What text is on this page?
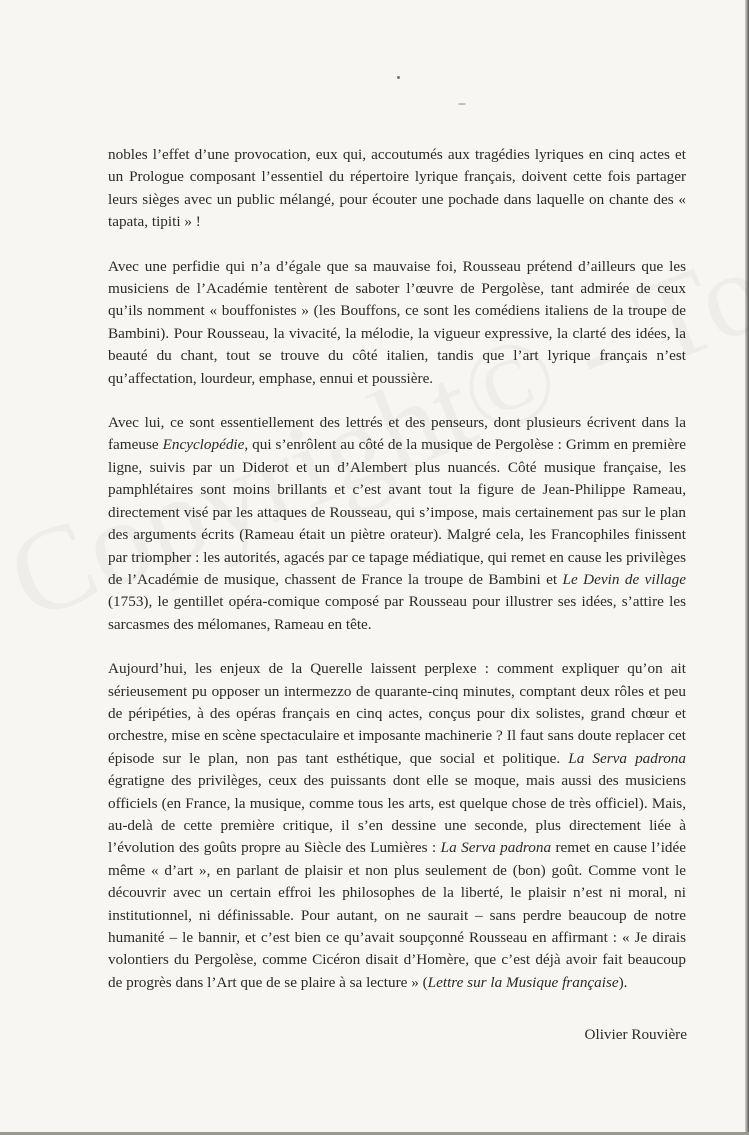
nobles l’effet d’une provocation, eux qui, accoutumés aux tragédies lyriques en cinq actes et un Prologue composant l’essentiel du répertoire lyrique français, doivent cette fois partager leurs sièges avec un public mélangé, pour écouter une pochade dans laquelle on chante des « tapata, tipiti » !

Avec une perfidie qui n’a d’égale que sa mauvaise foi, Rousseau prétend d’ailleurs que les musiciens de l’Académie tentèrent de saboter l’œuvre de Pergolèse, tant admirée de ceux qu’ils nomment « bouffonistes » (les Bouffons, ce sont les comédiens italiens de la troupe de Bambini). Pour Rousseau, la vivacité, la mélodie, la vigueur expressive, la clarté des idées, la beauté du chant, tout se trouve du côté italien, tandis que l’art lyrique français n’est qu’affectation, lourdeur, emphase, ennui et poussière.

Avec lui, ce sont essentiellement des lettrés et des penseurs, dont plusieurs écrivent dans la fameuse Encyclopédie, qui s’enrôlent au côté de la musique de Pergolèse : Grimm en première ligne, suivis par un Diderot et un d’Alembert plus nuancés. Côté musique française, les pamphlétaires sont moins brillants et c’est avant tout la figure de Jean-Philippe Rameau, directement visé par les attaques de Rousseau, qui s’impose, mais certainement pas sur le plan des arguments écrits (Rameau était un piètre orateur). Malgré cela, les Francophiles finissent par triompher : les autorités, agacés par ce tapage médiatique, qui remet en cause les privilèges de l’Académie de musique, chassent de France la troupe de Bambini et Le Devin de village (1753), le gentillet opéra-comique composé par Rousseau pour illustrer ses idées, s’attire les sarcasmes des mélomanes, Rameau en tête.

Aujourd’hui, les enjeux de la Querelle laissent perplexe : comment expliquer qu’on ait sérieusement pu opposer un intermezzo de quarante-cinq minutes, comptant deux rôles et peu de péripéties, à des opéras français en cinq actes, conçus pour dix solistes, grand chœur et orchestre, mise en scène spectaculaire et imposante machinerie ? Il faut sans doute replacer cet épisode sur le plan, non pas tant esthétique, que social et politique. La Serva padrona égratigne des privilèges, ceux des puissants dont elle se moque, mais aussi des musiciens officiels (en France, la musique, comme tous les arts, est quelque chose de très officiel). Mais, au-delà de cette première critique, il s’en dessine une seconde, plus directement liée à l’évolution des goûts propre au Siècle des Lumières : La Serva padrona remet en cause l’idée même « d’art », en parlant de plaisir et non plus seulement de (bon) goût. Comme vont le découvrir avec un certain effroi les philosophes de la liberté, le plaisir n’est ni moral, ni institutionnel, ni définissable. Pour autant, on ne saurait – sans perdre beaucoup de notre humanité – le bannir, et c’est bien ce qu’avait soupçonné Rousseau en affirmant : « Je dirais volontiers du Pergolèse, comme Cicéron disait d’Homère, que c’est déjà avoir fait beaucoup de progrès dans l’Art que de se plaire à sa lecture » (Lettre sur la Musique française).

Olivier Rouvière
